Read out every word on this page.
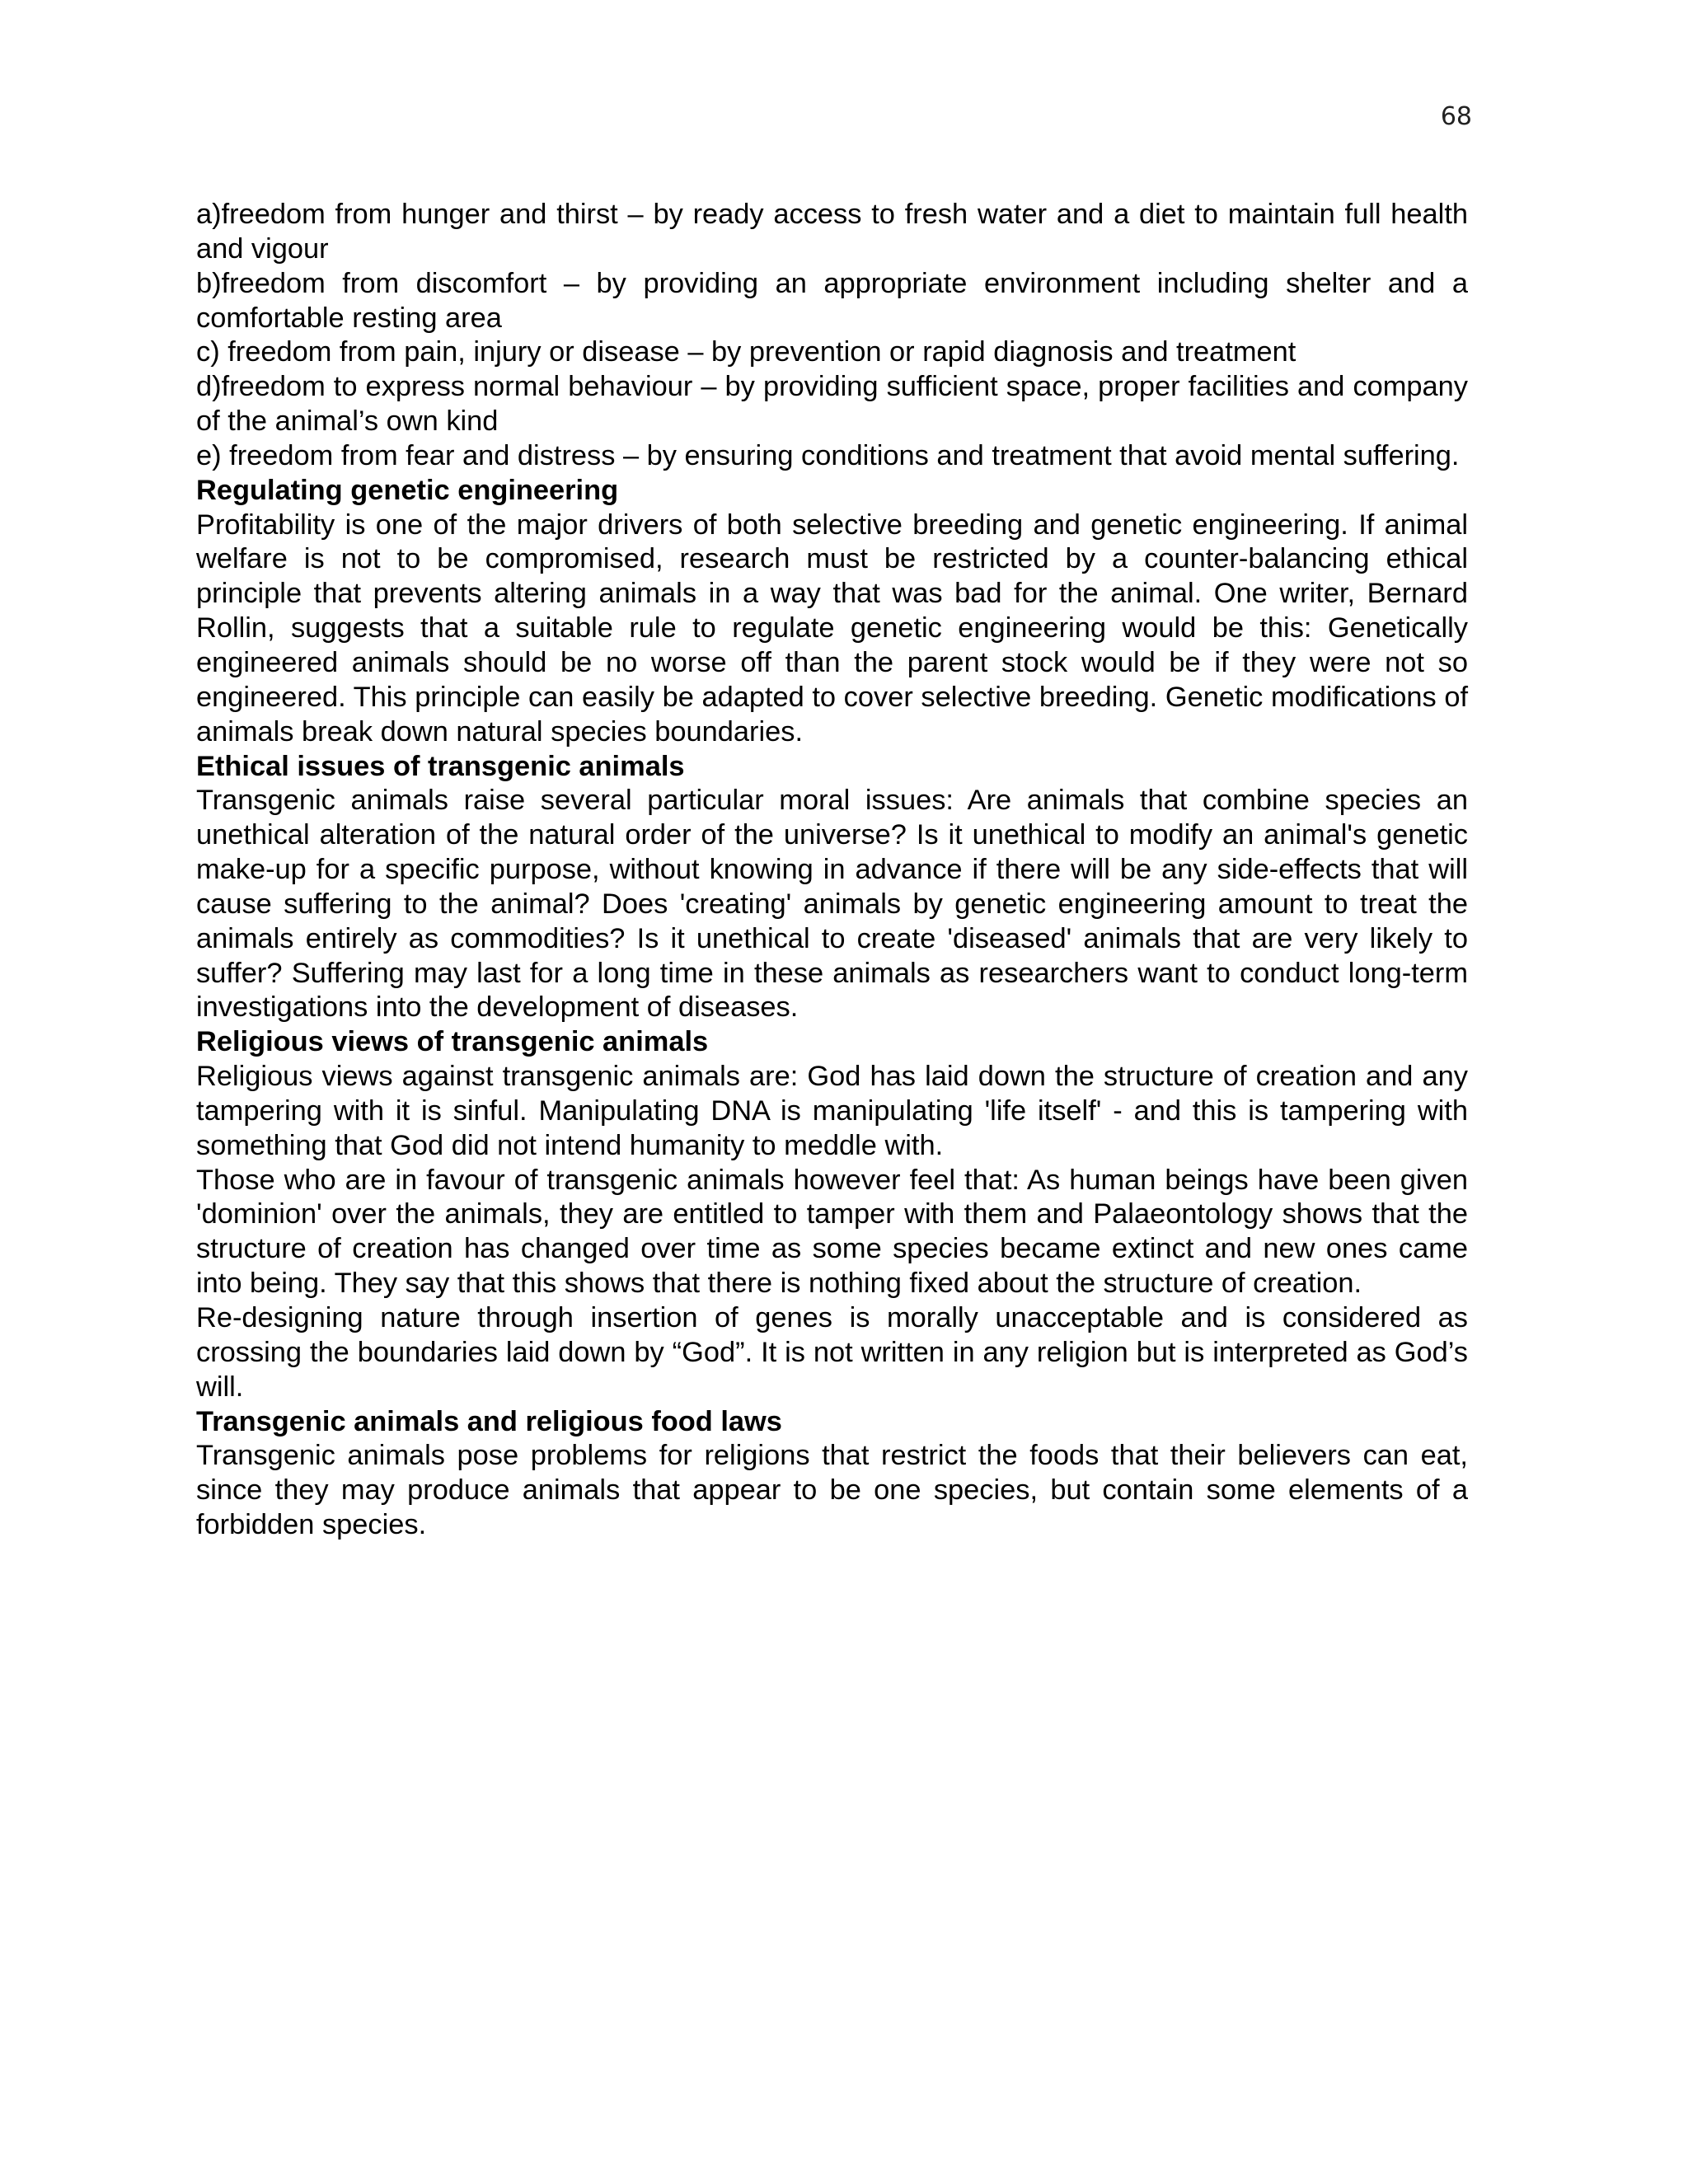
68

a)freedom from hunger and thirst – by ready access to fresh water and a diet to maintain full health and vigour

b)freedom from discomfort – by providing an appropriate environment including shelter and a comfortable resting area

c) freedom from pain, injury or disease – by prevention or rapid diagnosis and treatment

d)freedom to express normal behaviour – by providing sufficient space, proper facilities and company of the animal’s own kind

e) freedom from fear and distress – by ensuring conditions and treatment that avoid mental suffering.

Regulating genetic engineering

Profitability is one of the major drivers of both selective breeding and genetic engineering. If animal welfare is not to be compromised, research must be restricted by a counter-balancing ethical principle that prevents altering animals in a way that was bad for the animal. One writer, Bernard Rollin, suggests that a suitable rule to regulate genetic engineering would be this: Genetically engineered animals should be no worse off than the parent stock would be if they were not so engineered. This principle can easily be adapted to cover selective breeding. Genetic modifications of animals break down natural species boundaries.

Ethical issues of transgenic animals

Transgenic animals raise several particular moral issues: Are animals that combine species an unethical alteration of the natural order of the universe? Is it unethical to modify an animal's genetic make-up for a specific purpose, without knowing in advance if there will be any side-effects that will cause suffering to the animal? Does 'creating' animals by genetic engineering amount to treat the animals entirely as commodities? Is it unethical to create 'diseased' animals that are very likely to suffer? Suffering may last for a long time in these animals as researchers want to conduct long-term investigations into the development of diseases.

Religious views of transgenic animals

Religious views against transgenic animals are: God has laid down the structure of creation and any tampering with it is sinful. Manipulating DNA is manipulating 'life itself' - and this is tampering with something that God did not intend humanity to meddle with.

Those who are in favour of transgenic animals however feel that: As human beings have been given 'dominion' over the animals, they are entitled to tamper with them and Palaeontology shows that the structure of creation has changed over time as some species became extinct and new ones came into being. They say that this shows that there is nothing fixed about the structure of creation.

Re-designing nature through insertion of genes is morally unacceptable and is considered as crossing the boundaries laid down by “God”. It is not written in any religion but is interpreted as God’s will.

Transgenic animals and religious food laws

Transgenic animals pose problems for religions that restrict the foods that their believers can eat, since they may produce animals that appear to be one species, but contain some elements of a forbidden species.
